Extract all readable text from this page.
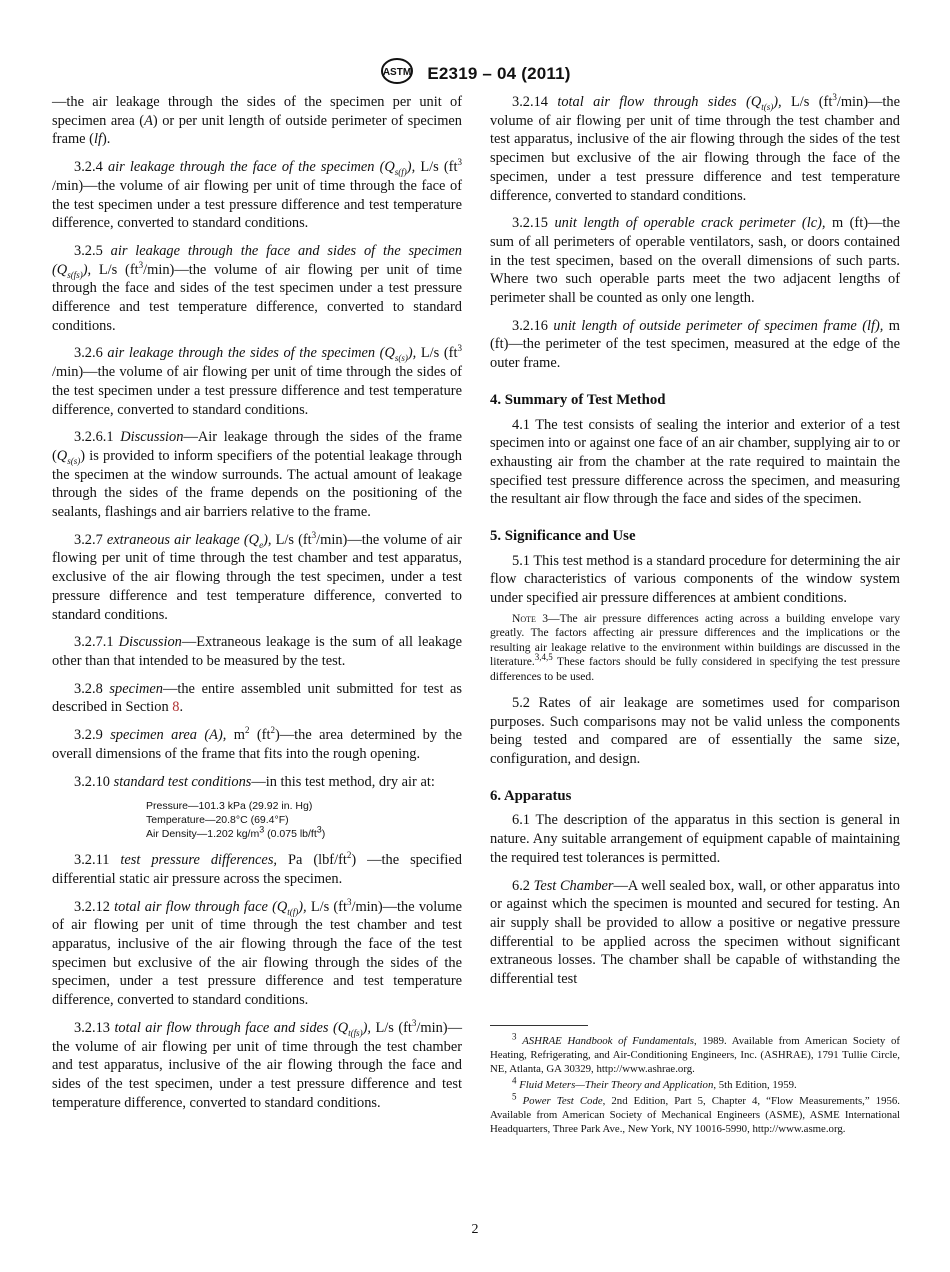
ASTM E2319 – 04 (2011)

—the air leakage through the sides of the specimen per unit of specimen area (A) or per unit length of outside perimeter of specimen frame (lf).

3.2.4 air leakage through the face of the specimen $(Q_{s(f)})$, L/s ($ft^3$ /min)—the volume of air flowing per unit of time through the face of the test specimen under a test pressure difference and test temperature difference, converted to standard conditions.

3.2.5 air leakage through the face and sides of the specimen $(Q_{s(fs)})$, L/s $(ft^3/\min)—the$ volume of air flowing per unit of time through the face and sides of the test specimen under a test pressure difference and test temperature difference, converted to standard conditions.

3.2.6 air leakage through the sides of the specimen $(Q_{s(s)})$, L/s ($ft^3$ /min)—the volume of air flowing per unit of time through the sides of the test specimen under a test pressure difference and test temperature difference, converted to standard conditions.

3.2.6.1 Discussion—Air leakage through the sides of the frame $(Q_{s(s)})$ is provided to inform specifiers of the potential leakage through the specimen at the window surrounds. The actual amount of leakage through the sides of the frame depends on the positioning of the sealants, flashings and air barriers relative to the frame.

3.2.7 extraneous air leakage $(Q_e)$, L/s $(ft^3/\min)—the$ volume of air flowing per unit of time through the test chamber and test apparatus, exclusive of the air flowing through the test specimen, under a test pressure difference and test temperature difference, converted to standard conditions.

3.2.7.1 Discussion—Extraneous leakage is the sum of all leakage other than that intended to be measured by the test.

3.2.8 specimen—the entire assembled unit submitted for test as described in Section 8.

3.2.9 specimen area (A), $m^2$ $(ft^2)—the$ area determined by the overall dimensions of the frame that fits into the rough opening.

3.2.10 standard test conditions—in this test method, dry air at:

Pressure—101.3 kPa (29.92 in. Hg)
Temperature—20.8°C (69.4°F)
Air Density—1.202 $kg/m^3$ (0.075 $lb/ft^3$)

3.2.11 test pressure differences, Pa $(lbf/ft^2)$ —the specified differential static air pressure across the specimen.

3.2.12 total air flow through face $(Q_{t(f)})$, L/s $(ft^3/\min)—the$ volume of air flowing per unit of time through the test chamber and test apparatus, inclusive of the air flowing through the face of the test specimen but exclusive of the air flowing through the sides of the specimen, under a test pressure difference and test temperature difference, converted to standard conditions.

3.2.13 total air flow through face and sides $(Q_{t(fs)})$, L/s $(ft^3/\min)—the$ volume of air flowing per unit of time through the test chamber and test apparatus, inclusive of the air flowing through the face and sides of the test specimen, under a test pressure difference and test temperature difference, converted to standard conditions.

3.2.14 total air flow through sides $(Q_{t(s)})$, L/s $(ft^3/\min)—the$ volume of air flowing per unit of time through the test chamber and test apparatus, inclusive of the air flowing through the sides of the test specimen but exclusive of the air flowing through the face of the specimen, under a test pressure difference and test temperature difference, converted to standard conditions.

3.2.15 unit length of operable crack perimeter (lc), m (ft)—the sum of all perimeters of operable ventilators, sash, or doors contained in the test specimen, based on the overall dimensions of such parts. Where two such operable parts meet the two adjacent lengths of perimeter shall be counted as only one length.

3.2.16 unit length of outside perimeter of specimen frame (lf), m (ft)—the perimeter of the test specimen, measured at the edge of the outer frame.

4. Summary of Test Method

4.1 The test consists of sealing the interior and exterior of a test specimen into or against one face of an air chamber, supplying air to or exhausting air from the chamber at the rate required to maintain the specified test pressure difference across the specimen, and measuring the resultant air flow through the face and sides of the specimen.

5. Significance and Use

5.1 This test method is a standard procedure for determining the air flow characteristics of various components of the window system under specified air pressure differences at ambient conditions.

Note 3—The air pressure differences acting across a building envelope vary greatly. The factors affecting air pressure differences and the implications or the resulting air leakage relative to the environment within buildings are discussed in the literature.$^{3,4,5}$ These factors should be fully considered in specifying the test pressure differences to be used.

5.2 Rates of air leakage are sometimes used for comparison purposes. Such comparisons may not be valid unless the components being tested and compared are of essentially the same size, configuration, and design.

6. Apparatus

6.1 The description of the apparatus in this section is general in nature. Any suitable arrangement of equipment capable of maintaining the required test tolerances is permitted.

6.2 Test Chamber—A well sealed box, wall, or other apparatus into or against which the specimen is mounted and secured for testing. An air supply shall be provided to allow a positive or negative pressure differential to be applied across the specimen without significant extraneous losses. The chamber shall be capable of withstanding the differential test

$^3$ ASHRAE Handbook of Fundamentals, 1989. Available from American Society of Heating, Refrigerating, and Air-Conditioning Engineers, Inc. (ASHRAE), 1791 Tullie Circle, NE, Atlanta, GA 30329, http://www.ashrae.org.

$^4$ Fluid Meters—Their Theory and Application, 5th Edition, 1959.

$^5$ Power Test Code, 2nd Edition, Part 5, Chapter 4, “Flow Measurements,” 1956. Available from American Society of Mechanical Engineers (ASME), ASME International Headquarters, Three Park Ave., New York, NY 10016-5990, http://www.asme.org.

2
